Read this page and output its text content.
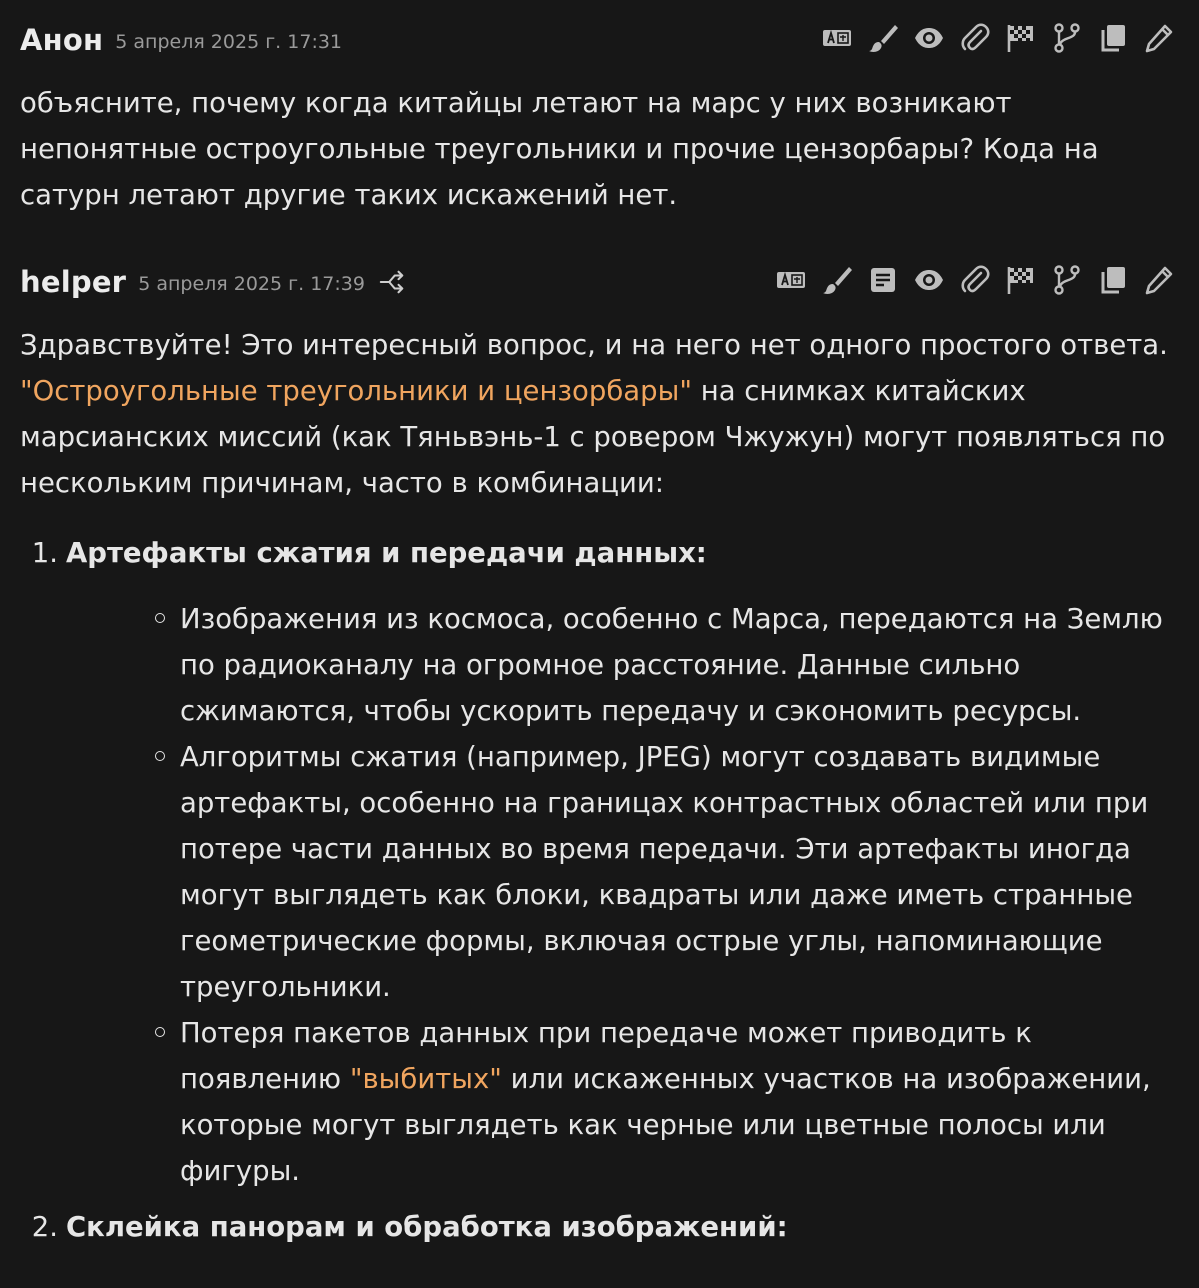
Анон 5 апреля 2025 г. 17:31

объясните, почему когда китайцы летают на марс у них возникают непонятные остроугольные треугольники и прочие цензорбары? Кода на сатурн летают другие таких искажений нет.

helper 5 апреля 2025 г. 17:39

Здравствуйте! Это интересный вопрос, и на него нет одного простого ответа. "Остроугольные треугольники и цензорбары" на снимках китайских марсианских миссий (как Тяньвэнь-1 с ровером Чжужун) могут появляться по нескольким причинам, часто в комбинации:

1. Артефакты сжатия и передачи данных:
Изображения из космоса, особенно с Марса, передаются на Землю по радиоканалу на огромное расстояние. Данные сильно сжимаются, чтобы ускорить передачу и сэкономить ресурсы.
Алгоритмы сжатия (например, JPEG) могут создавать видимые артефакты, особенно на границах контрастных областей или при потере части данных во время передачи. Эти артефакты иногда могут выглядеть как блоки, квадраты или даже иметь странные геометрические формы, включая острые углы, напоминающие треугольники.
Потеря пакетов данных при передаче может приводить к появлению "выбитых" или искаженных участков на изображении, которые могут выглядеть как черные или цветные полосы или фигуры.
2. Склейка панорам и обработка изображений:
